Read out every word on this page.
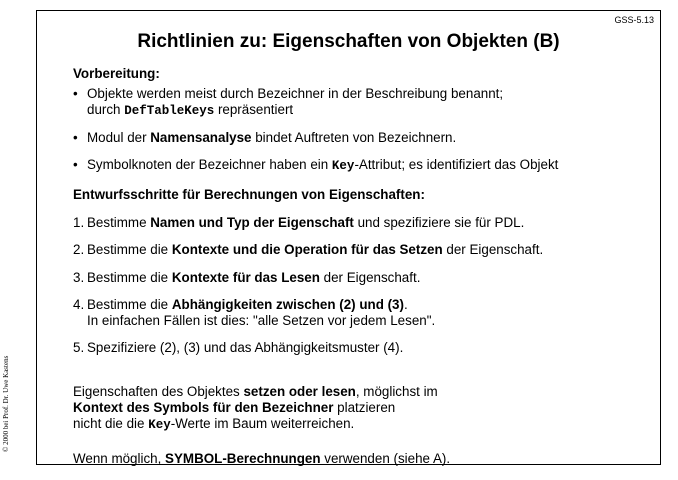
GSS-5.13
Richtlinien zu: Eigenschaften von Objekten (B)
Vorbereitung:
• Objekte werden meist durch Bezeichner in der Beschreibung benannt;
durch DefTableKeys repräsentiert
• Modul der Namensanalyse bindet Auftreten von Bezeichnern.
• Symbolknoten der Bezeichner haben ein Key-Attribut; es identifiziert das Objekt
Entwurfsschritte für Berechnungen von Eigenschaften:
1. Bestimme Namen und Typ der Eigenschaft und spezifiziere sie für PDL.
2. Bestimme die Kontexte und die Operation für das Setzen der Eigenschaft.
3. Bestimme die Kontexte für das Lesen der Eigenschaft.
4. Bestimme die Abhängigkeiten zwischen (2) und (3).
In einfachen Fällen ist dies: "alle Setzen vor jedem Lesen".
5. Spezifiziere (2), (3) und das Abhängigkeitsmuster (4).
Eigenschaften des Objektes setzen oder lesen, möglichst im
Kontext des Symbols für den Bezeichner platzieren
nicht die die Key-Werte im Baum weiterreichen.
Wenn möglich, SYMBOL-Berechnungen verwenden (siehe A).
© 2000 bei Prof. Dr. Uwe Kastens
